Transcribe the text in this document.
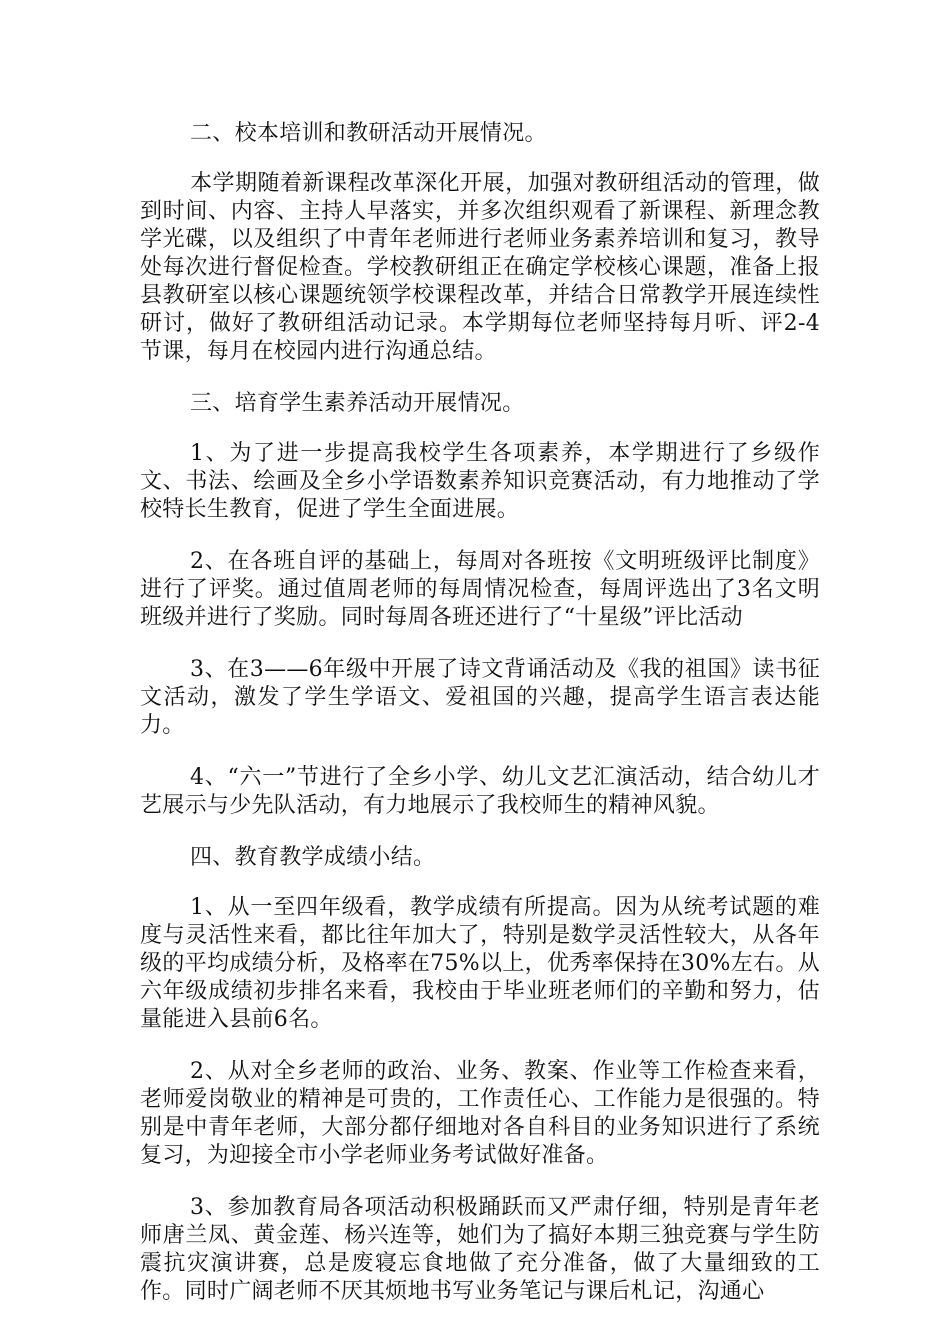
二、校本培训和教研活动开展情况。

本学期随着新课程改革深化开展，加强对教研组活动的管理，做到时间、内容、主持人早落实，并多次组织观看了新课程、新理念教学光碟，以及组织了中青年老师进行老师业务素养培训和复习，教导处每次进行督促检查。学校教研组正在确定学校核心课题，准备上报县教研室以核心课题统领学校课程改革，并结合日常教学开展连续性研讨，做好了教研组活动记录。本学期每位老师坚持每月听、评2-4节课，每月在校园内进行沟通总结。

三、培育学生素养活动开展情况。

1、为了进一步提高我校学生各项素养，本学期进行了乡级作文、书法、绘画及全乡小学语数素养知识竞赛活动，有力地推动了学校特长生教育，促进了学生全面进展。

2、在各班自评的基础上，每周对各班按《文明班级评比制度》进行了评奖。通过值周老师的每周情况检查，每周评选出了3名文明班级并进行了奖励。同时每周各班还进行了“十星级”评比活动

3、在3——6年级中开展了诗文背诵活动及《我的祖国》读书征文活动，激发了学生学语文、爱祖国的兴趣，提高学生语言表达能力。

4、“六一”节进行了全乡小学、幼儿文艺汇演活动，结合幼儿才艺展示与少先队活动，有力地展示了我校师生的精神风貌。

四、教育教学成绩小结。

1、从一至四年级看，教学成绩有所提高。因为从统考试题的难度与灵活性来看，都比往年加大了，特别是数学灵活性较大，从各年级的平均成绩分析，及格率在75%以上，优秀率保持在30%左右。从六年级成绩初步排名来看，我校由于毕业班老师们的辛勤和努力，估量能进入县前6名。

2、从对全乡老师的政治、业务、教案、作业等工作检查来看，老师爱岗敬业的精神是可贵的，工作责任心、工作能力是很强的。特别是中青年老师，大部分都仔细地对各自科目的业务知识进行了系统复习，为迎接全市小学老师业务考试做好准备。

3、参加教育局各项活动积极踊跃而又严肃仔细，特别是青年老师唐兰凤、黄金莲、杨兴连等，她们为了搞好本期三独竞赛与学生防震抗灾演讲赛，总是废寝忘食地做了充分准备，做了大量细致的工作。同时广阔老师不厌其烦地书写业务笔记与课后札记，沟通心
